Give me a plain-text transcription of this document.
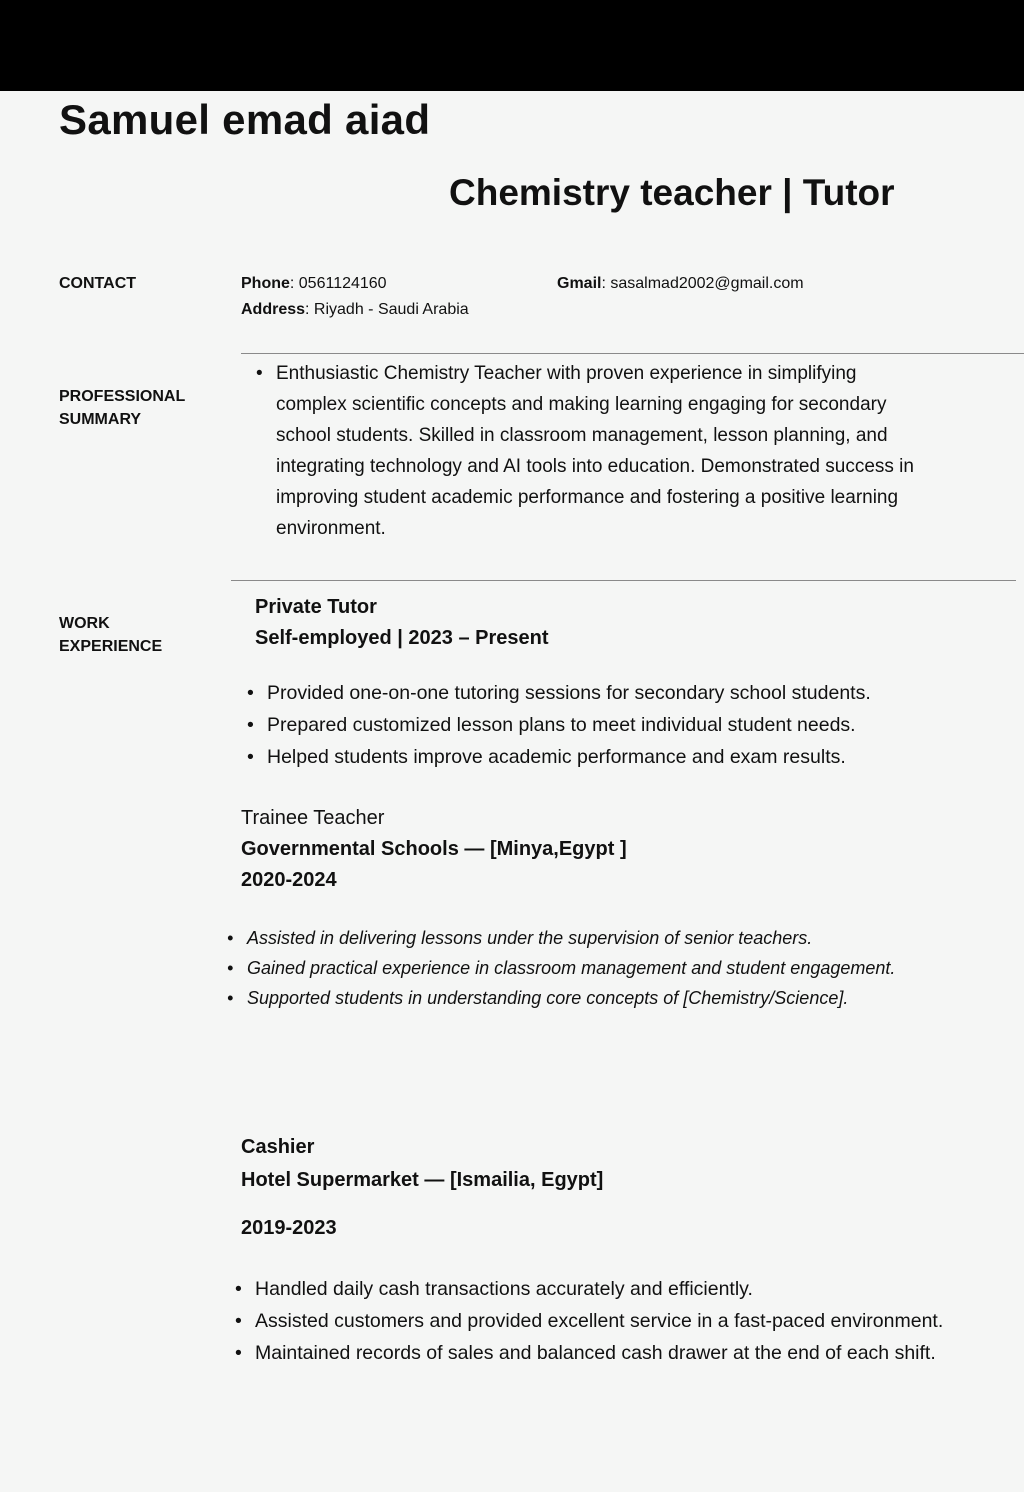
Samuel emad aiad
Chemistry teacher | Tutor
CONTACT	Phone: 0561124160	Gmail: sasalmad2002@gmail.com
Address: Riyadh - Saudi Arabia
PROFESSIONAL
SUMMARY
• Enthusiastic Chemistry Teacher with proven experience in simplifying complex scientific concepts and making learning engaging for secondary school students. Skilled in classroom management, lesson planning, and integrating technology and AI tools into education. Demonstrated success in improving student academic performance and fostering a positive learning environment.
WORK
EXPERIENCE
Private Tutor
Self-employed | 2023 – Present
• Provided one-on-one tutoring sessions for secondary school students.
• Prepared customized lesson plans to meet individual student needs.
• Helped students improve academic performance and exam results.
Trainee Teacher
Governmental Schools — [Minya,Egypt ]
2020-2024
• Assisted in delivering lessons under the supervision of senior teachers.
• Gained practical experience in classroom management and student engagement.
• Supported students in understanding core concepts of [Chemistry/Science].
Cashier
Hotel Supermarket — [Ismailia, Egypt]
2019-2023
• Handled daily cash transactions accurately and efficiently.
• Assisted customers and provided excellent service in a fast-paced environment.
• Maintained records of sales and balanced cash drawer at the end of each shift.
